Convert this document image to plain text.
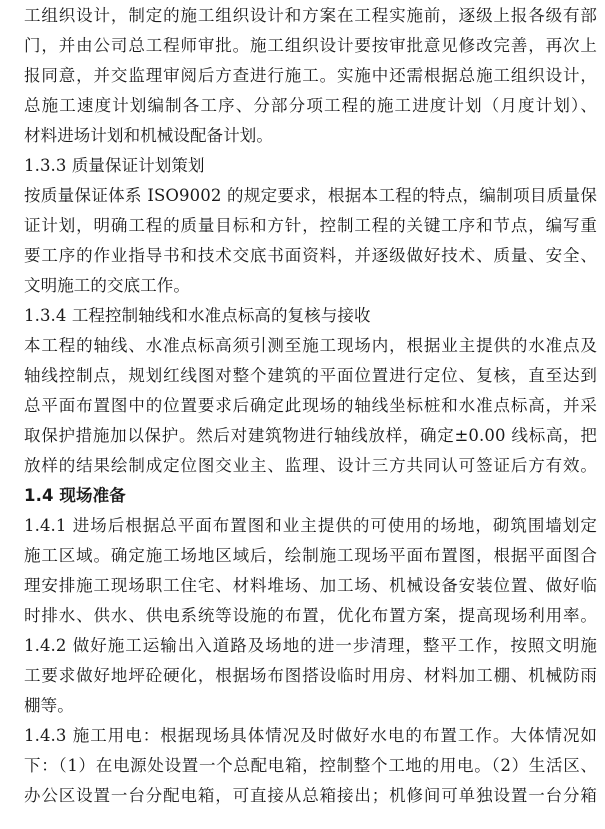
工组织设计，制定的施工组织设计和方案在工程实施前，逐级上报各级有部
门，并由公司总工程师审批。施工组织设计要按审批意见修改完善，再次上
报同意，并交监理审阅后方查进行施工。实施中还需根据总施工组织设计，
总施工速度计划编制各工序、分部分项工程的施工进度计划（月度计划）、
材料进场计划和机械设配备计划。
1.3.3 质量保证计划策划
按质量保证体系 ISO9002 的规定要求，根据本工程的特点，编制项目质量保
证计划，明确工程的质量目标和方针，控制工程的关键工序和节点，编写重
要工序的作业指导书和技术交底书面资料，并逐级做好技术、质量、安全、
文明施工的交底工作。
1.3.4 工程控制轴线和水准点标高的复核与接收
本工程的轴线、水准点标高须引测至施工现场内，根据业主提供的水准点及
轴线控制点，规划红线图对整个建筑的平面位置进行定位、复核，直至达到
总平面布置图中的位置要求后确定此现场的轴线坐标桩和水准点标高，并采
取保护措施加以保护。然后对建筑物进行轴线放样，确定±0.00 线标高，把
放样的结果绘制成定位图交业主、监理、设计三方共同认可签证后方有效。
1.4 现场准备
1.4.1 进场后根据总平面布置图和业主提供的可使用的场地，砌筑围墙划定
施工区域。确定施工场地区域后，绘制施工现场平面布置图，根据平面图合
理安排施工现场职工住宅、材料堆场、加工场、机械设备安装位置、做好临
时排水、供水、供电系统等设施的布置，优化布置方案，提高现场利用率。
1.4.2 做好施工运输出入道路及场地的进一步清理，整平工作，按照文明施
工要求做好地坪砼硬化，根据场布图搭设临时用房、材料加工棚、机械防雨
棚等。
1.4.3 施工用电：根据现场具体情况及时做好水电的布置工作。大体情况如
下：（1）在电源处设置一个总配电箱，控制整个工地的用电。（2）生活区、
办公区设置一台分配电箱，可直接从总箱接出；机修间可单独设置一台分箱
